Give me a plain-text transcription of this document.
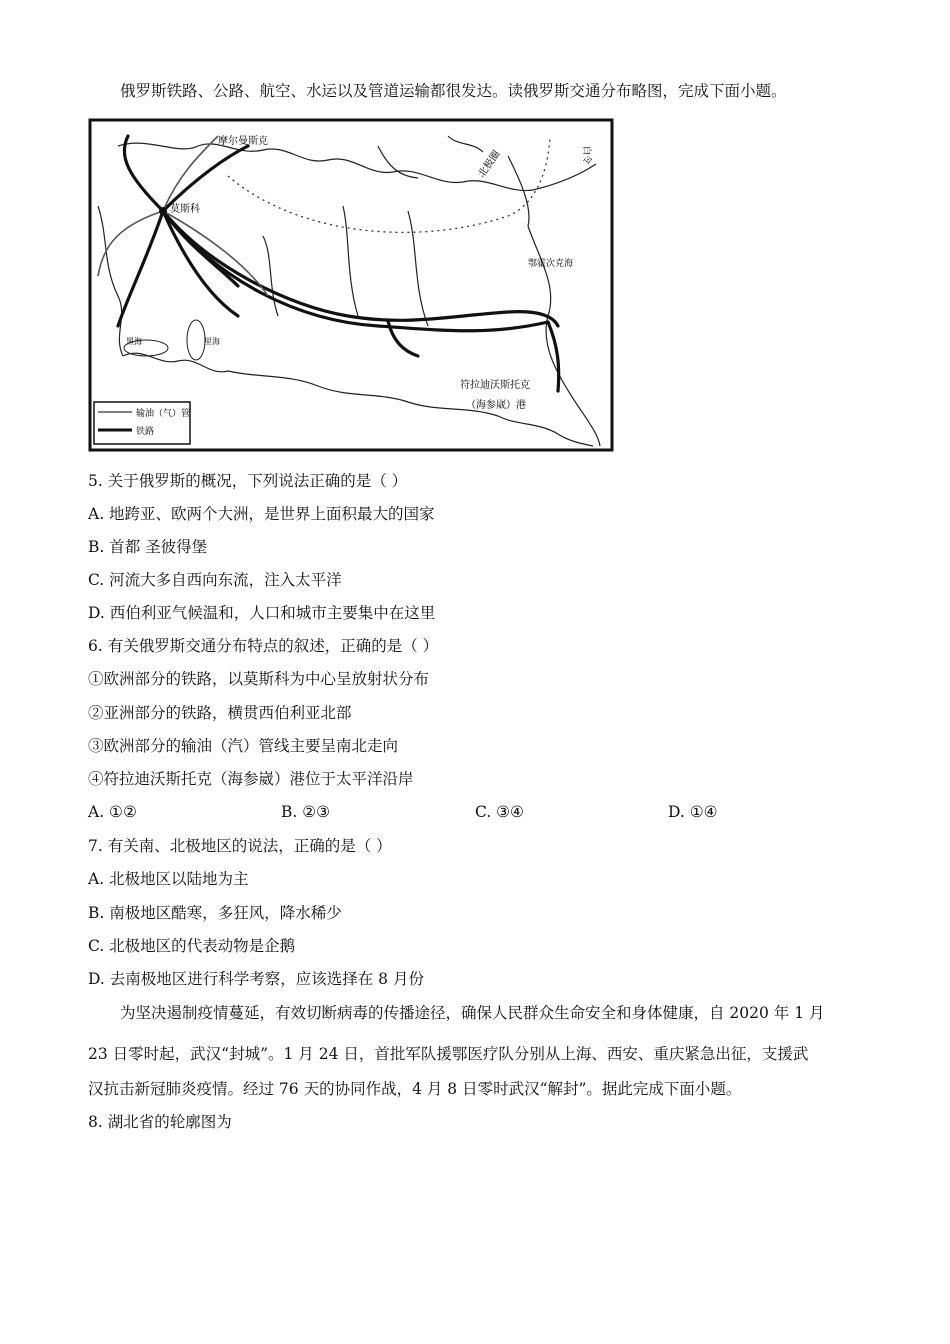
俄罗斯铁路、公路、航空、水运以及管道运输都很发达。读俄罗斯交通分布略图，完成下面小题。
莫斯科
摩尔曼斯克
北极圈	白令
鄂霍次克海
符拉迪沃斯托克
（海参崴）港
黑海	里海
输油（气）管
铁路
5. 关于俄罗斯的概况，下列说法正确的是（ ）
A. 地跨亚、欧两个大洲，是世界上面积最大的国家
B. 首都 圣彼得堡
C. 河流大多自西向东流，注入太平洋
D. 西伯利亚气候温和，人口和城市主要集中在这里
6. 有关俄罗斯交通分布特点的叙述，正确的是（ ）
①欧洲部分的铁路，以莫斯科为中心呈放射状分布
②亚洲部分的铁路，横贯西伯利亚北部
③欧洲部分的输油（汽）管线主要呈南北走向
④符拉迪沃斯托克（海参崴）港位于太平洋沿岸
A. ①②	B. ②③	C. ③④	D. ①④
7. 有关南、北极地区的说法，正确的是（ ）
A. 北极地区以陆地为主
B. 南极地区酷寒，多狂风，降水稀少
C. 北极地区的代表动物是企鹅
D. 去南极地区进行科学考察，应该选择在 8 月份
为坚决遏制疫情蔓延，有效切断病毒的传播途径，确保人民群众生命安全和身体健康，自 2020 年 1 月
23 日零时起，武汉“封城”。1 月 24 日，首批军队援鄂医疗队分别从上海、西安、重庆紧急出征，支援武
汉抗击新冠肺炎疫情。经过 76 天的协同作战，4 月 8 日零时武汉“解封”。据此完成下面小题。
8. 湖北省的轮廓图为
